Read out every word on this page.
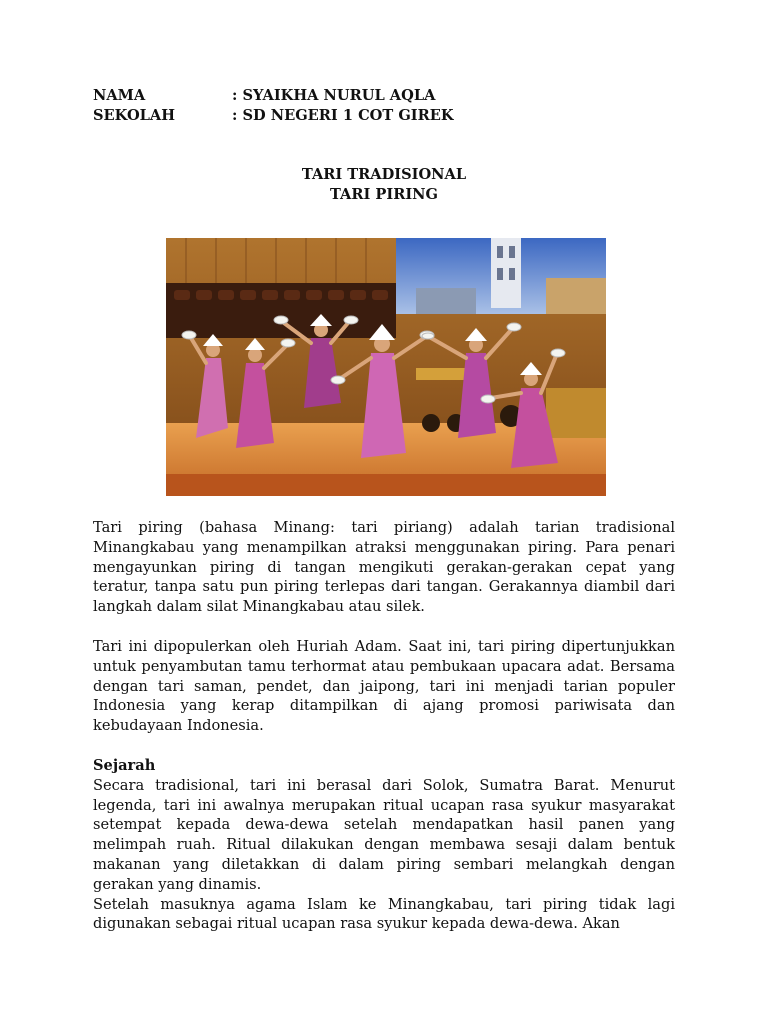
NAMA	: SYAIKHA NURUL AQLA
SEKOLAH	: SD NEGERI 1 COT GIREK
TARI TRADISIONAL
TARI PIRING

Tari piring (bahasa Minang: tari piriang) adalah tarian tradisional Minangkabau yang menampilkan atraksi menggunakan piring. Para penari mengayunkan piring di tangan mengikuti gerakan-gerakan cepat yang teratur, tanpa satu pun piring terlepas dari tangan. Gerakannya diambil dari langkah dalam silat Minangkabau atau silek.

Tari ini dipopulerkan oleh Huriah Adam. Saat ini, tari piring dipertunjukkan untuk penyambutan tamu terhormat atau pembukaan upacara adat. Bersama dengan tari saman, pendet, dan jaipong, tari ini menjadi tarian populer Indonesia yang kerap ditampilkan di ajang promosi pariwisata dan kebudayaan Indonesia.

Sejarah

Secara tradisional, tari ini berasal dari Solok, Sumatra Barat. Menurut legenda, tari ini awalnya merupakan ritual ucapan rasa syukur masyarakat setempat kepada dewa-dewa setelah mendapatkan hasil panen yang melimpah ruah. Ritual dilakukan dengan membawa sesaji dalam bentuk makanan yang diletakkan di dalam piring sembari melangkah dengan gerakan yang dinamis.

Setelah masuknya agama Islam ke Minangkabau, tari piring tidak lagi digunakan sebagai ritual ucapan rasa syukur kepada dewa-dewa. Akan
